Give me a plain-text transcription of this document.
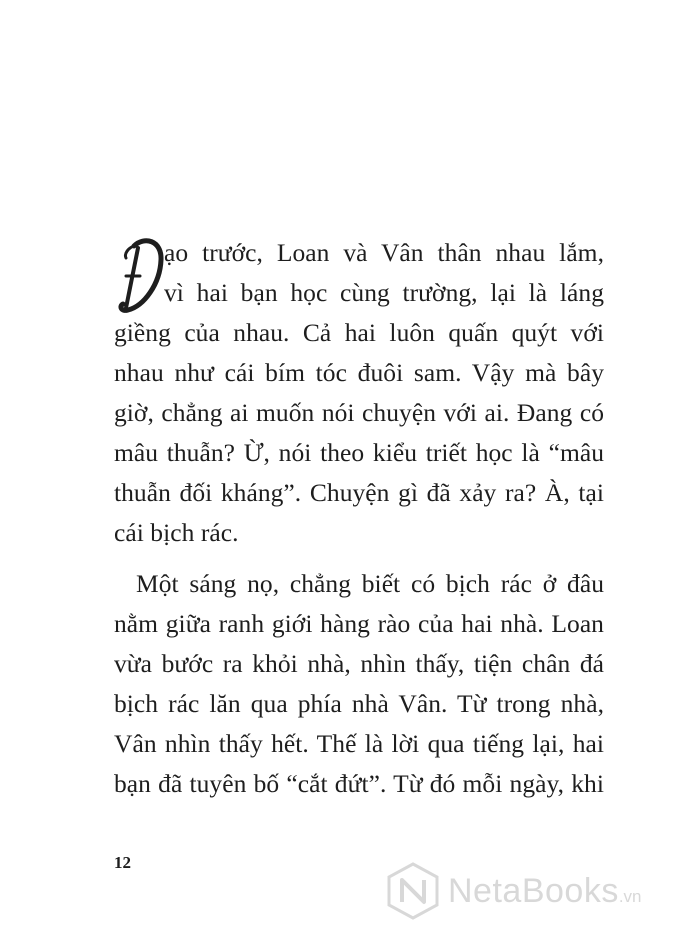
ạo trước, Loan và Vân thân nhau lắm,
vì hai bạn học cùng trường, lại là láng
giềng của nhau. Cả hai luôn quấn quýt với
nhau như cái bím tóc đuôi sam. Vậy mà bây
giờ, chẳng ai muốn nói chuyện với ai. Đang có
mâu thuẫn? Ừ, nói theo kiểu triết học là “mâu
thuẫn đối kháng”. Chuyện gì đã xảy ra? À, tại
cái bịch rác.
Một sáng nọ, chẳng biết có bịch rác ở đâu
nằm giữa ranh giới hàng rào của hai nhà. Loan
vừa bước ra khỏi nhà, nhìn thấy, tiện chân đá
bịch rác lăn qua phía nhà Vân. Từ trong nhà,
Vân nhìn thấy hết. Thế là lời qua tiếng lại, hai
bạn đã tuyên bố “cắt đứt”. Từ đó mỗi ngày, khi
12
NetaBooks.vn
